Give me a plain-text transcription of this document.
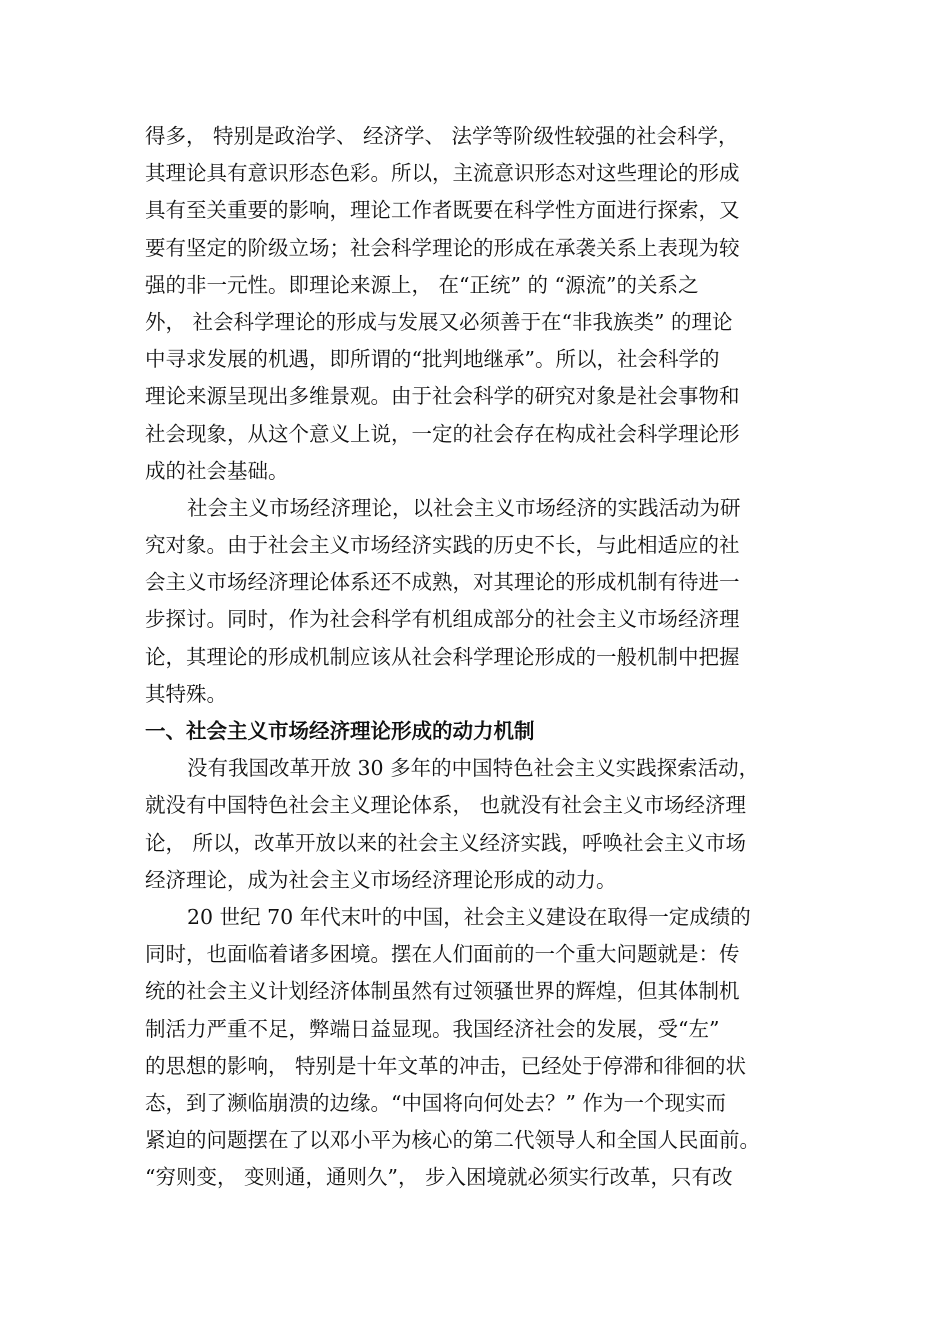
得多， 特别是政治学、 经济学、 法学等阶级性较强的社会科学，
其理论具有意识形态色彩。所以，主流意识形态对这些理论的形成
具有至关重要的影响，理论工作者既要在科学性方面进行探索，又
要有坚定的阶级立场；社会科学理论的形成在承袭关系上表现为较
强的非一元性。即理论来源上， 在“正统” 的 “源流”的关系之
外， 社会科学理论的形成与发展又必须善于在“非我族类” 的理论
中寻求发展的机遇，即所谓的“批判地继承”。所以，社会科学的
理论来源呈现出多维景观。由于社会科学的研究对象是社会事物和
社会现象，从这个意义上说，一定的社会存在构成社会科学理论形
成的社会基础。
社会主义市场经济理论，以社会主义市场经济的实践活动为研
究对象。由于社会主义市场经济实践的历史不长，与此相适应的社
会主义市场经济理论体系还不成熟，对其理论的形成机制有待进一
步探讨。同时，作为社会科学有机组成部分的社会主义市场经济理
论，其理论的形成机制应该从社会科学理论形成的一般机制中把握
其特殊。
一、社会主义市场经济理论形成的动力机制
没有我国改革开放 30 多年的中国特色社会主义实践探索活动，
就没有中国特色社会主义理论体系， 也就没有社会主义市场经济理
论， 所以，改革开放以来的社会主义经济实践，呼唤社会主义市场
经济理论，成为社会主义市场经济理论形成的动力。
20 世纪 70 年代末叶的中国，社会主义建设在取得一定成绩的
同时，也面临着诸多困境。摆在人们面前的一个重大问题就是：传
统的社会主义计划经济体制虽然有过领骚世界的辉煌，但其体制机
制活力严重不足，弊端日益显现。我国经济社会的发展，受“左”
的思想的影响， 特别是十年文革的冲击，已经处于停滞和徘徊的状
态，到了濒临崩溃的边缘。“中国将向何处去？” 作为一个现实而
紧迫的问题摆在了以邓小平为核心的第二代领导人和全国人民面前。
“穷则变， 变则通，通则久”， 步入困境就必须实行改革，只有改
